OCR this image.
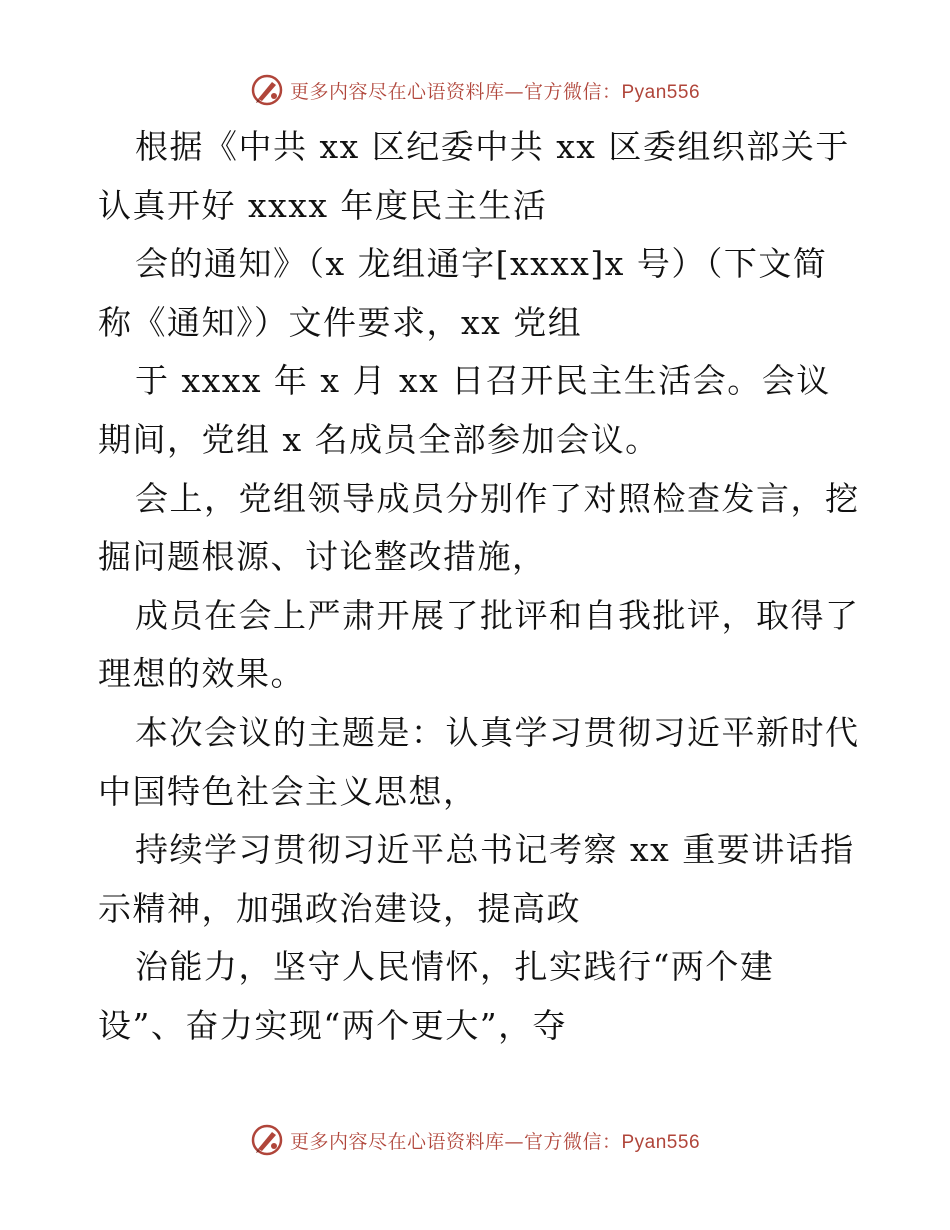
更多内容尽在心语资料库—官方微信：Pyan556
根据《中共 xx 区纪委中共 xx 区委组织部关于
认真开好 xxxx 年度民主生活
会的通知》（x 龙组通字[xxxx]x 号）（下文简
称《通知》）文件要求，xx 党组
于 xxxx 年 x 月 xx 日召开民主生活会。会议
期间，党组 x 名成员全部参加会议。
会上，党组领导成员分别作了对照检查发言，挖
掘问题根源、讨论整改措施，
成员在会上严肃开展了批评和自我批评，取得了
理想的效果。
本次会议的主题是：认真学习贯彻习近平新时代
中国特色社会主义思想，
持续学习贯彻习近平总书记考察 xx 重要讲话指
示精神，加强政治建设，提高政
治能力，坚守人民情怀，扎实践行“两个建
设”、奋力实现“两个更大”，夺
更多内容尽在心语资料库—官方微信：Pyan556
